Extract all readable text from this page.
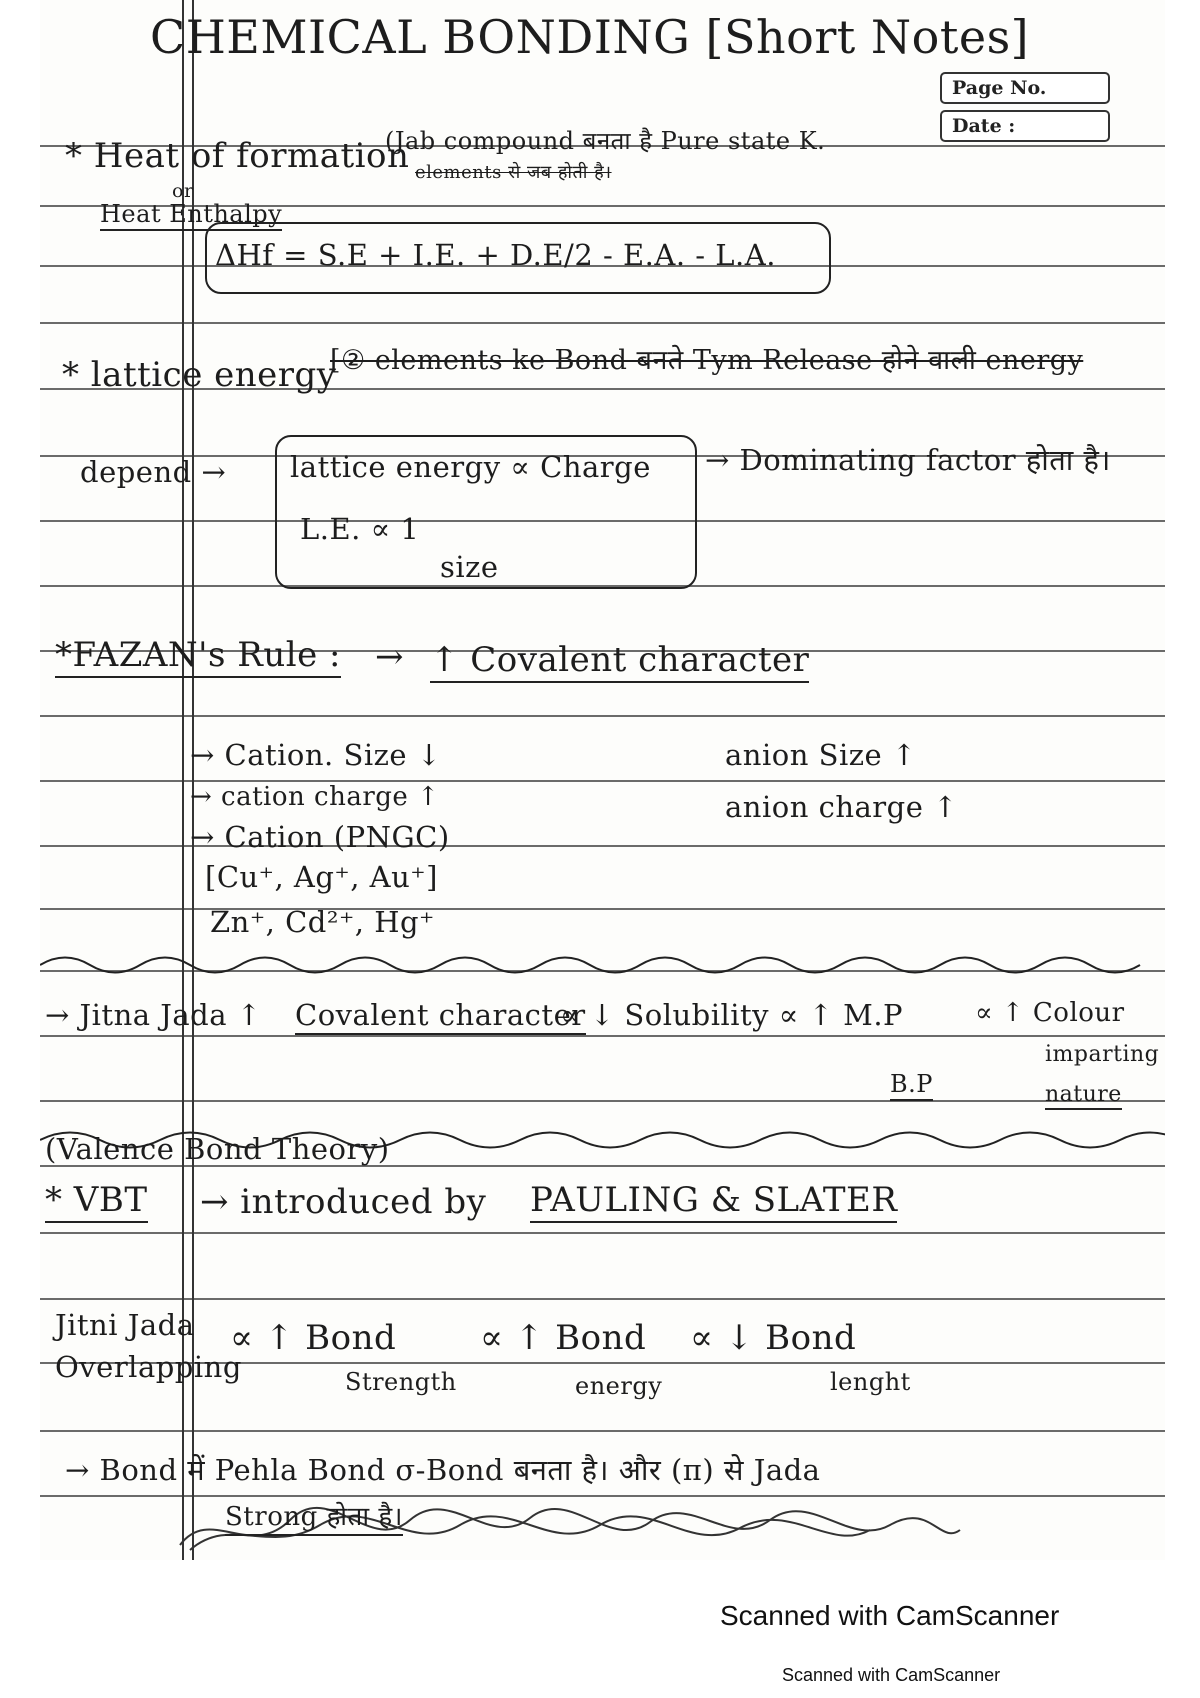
CHEMICAL BONDING [Short Notes]
Page No.
Date :
* Heat of formation
(Jab compound बनता है Pure state K.
elements से जब होती है।
or
Heat Enthalpy
ΔHf = S.E + I.E. + D.E/2 - E.A. - L.A.
* lattice energy
[② elements ke Bond बनते Tym Release होने वाली energy
depend → lattice energy ∝ Charge
L.E. ∝ 1
size
→ Dominating factor होता है।
*FAZAN's Rule : → ↑ Covalent character
→ Cation. Size ↓
→ cation charge ↑
→ Cation (PNGC)
anion Size ↑
anion charge ↑
[Cu⁺, Ag⁺, Au⁺]
Zn⁺, Cd²⁺, Hg⁺
→ Jitna Jada ↑ Covalent character
∝ ↓ Solubility ∝ ↑ M.P
B.P
∝ ↑ Colour
imparting
nature
(Valence Bond Theory)
* VBT → introduced by PAULING & SLATER
Jitni Jada
Overlapping
∝ ↑ Bond
Strength
∝ ↑ Bond
energy
∝ ↓ Bond
lenght
→ Bond में Pehla Bond σ-Bond बनता है। और (π) से Jada
Strong होता है।
Scanned with CamScanner
Scanned with CamScanner
